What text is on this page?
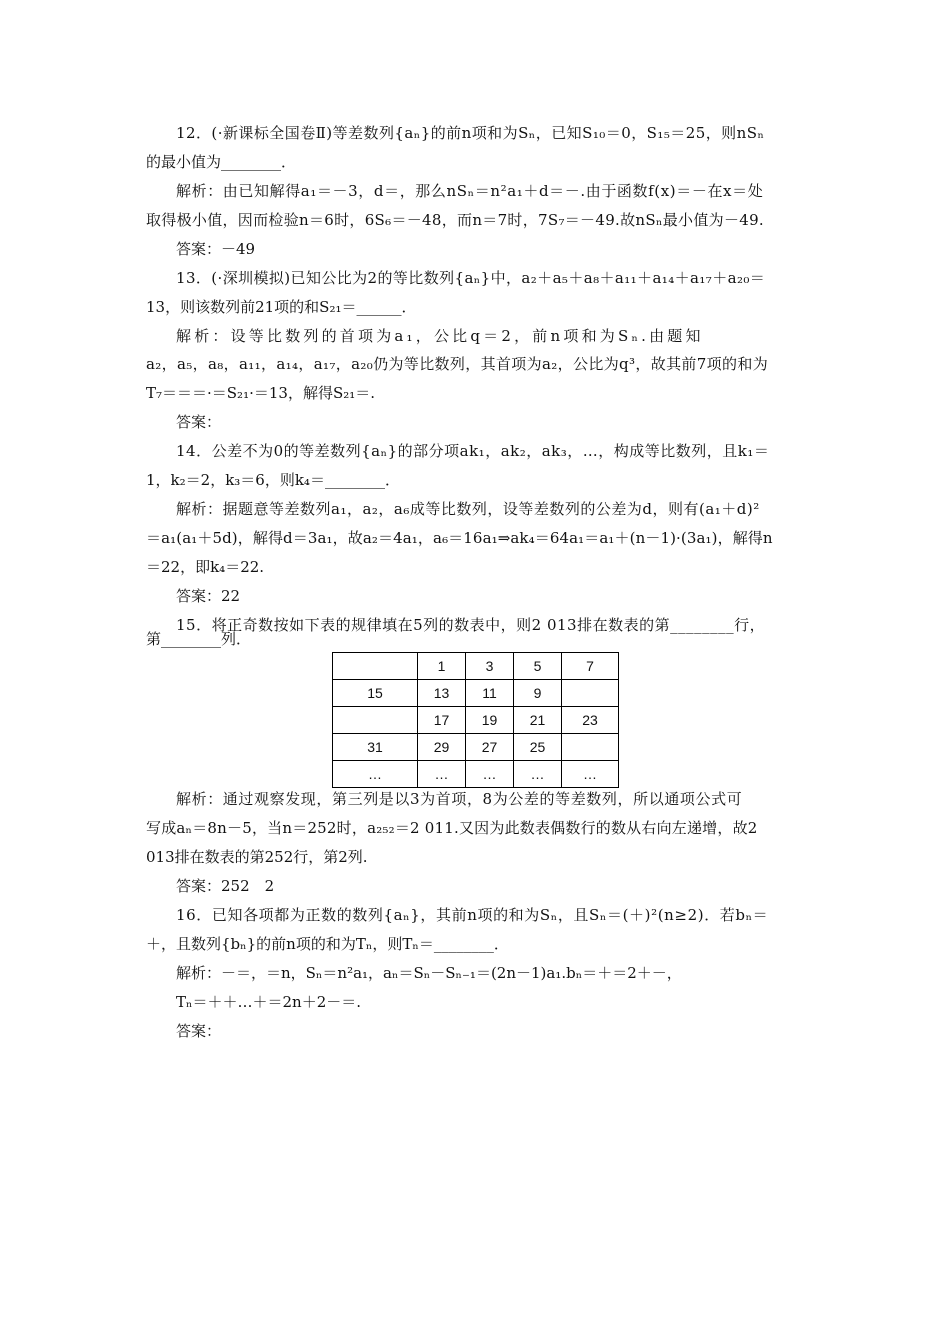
12．(·新课标全国卷Ⅱ)等差数列{aₙ}的前n项和为Sₙ，已知S₁₀＝0，S₁₅＝25，则nSₙ
的最小值为________．
解析：由已知解得a₁＝－3，d＝，那么nSₙ＝n²a₁＋d＝－.由于函数f(x)＝－在x＝处
取得极小值，因而检验n＝6时，6S₆＝－48，而n＝7时，7S₇＝－49.故nSₙ最小值为－49.
答案：－49
13．(·深圳模拟)已知公比为2的等比数列{aₙ}中，a₂＋a₅＋a₈＋a₁₁＋a₁₄＋a₁₇＋a₂₀＝
13，则该数列前21项的和S₂₁＝______．
解析：设等比数列的首项为a₁，公比q＝2，前n项和为Sₙ.由题知
a₂，a₅，a₈，a₁₁，a₁₄，a₁₇，a₂₀仍为等比数列，其首项为a₂，公比为q³，故其前7项的和为
T₇＝＝＝·＝S₂₁·＝13，解得S₂₁＝.
答案：
14．公差不为0的等差数列{aₙ}的部分项ak₁，ak₂，ak₃，…，构成等比数列，且k₁＝
1，k₂＝2，k₃＝6，则k₄＝________．
解析：据题意等差数列a₁，a₂，a₆成等比数列，设等差数列的公差为d，则有(a₁＋d)²
＝a₁(a₁＋5d)，解得d＝3a₁，故a₂＝4a₁，a₆＝16a₁⇒ak₄＝64a₁＝a₁＋(n－1)·(3a₁)，解得n
＝22，即k₄＝22.
答案：22
15．将正奇数按如下表的规律填在5列的数表中，则2 013排在数表的第________行，
第________列．
	1	3	5	7
15	13	11	9	
	17	19	21	23
31	29	27	25	
…	…	…	…	…
解析：通过观察发现，第三列是以3为首项，8为公差的等差数列，所以通项公式可
写成aₙ＝8n－5，当n＝252时，a₂₅₂＝2 011.又因为此数表偶数行的数从右向左递增，故2
013排在数表的第252行，第2列.
答案：252　2
16．已知各项都为正数的数列{aₙ}，其前n项的和为Sₙ，且Sₙ＝(＋)²(n≥2)．若bₙ＝
＋，且数列{bₙ}的前n项的和为Tₙ，则Tₙ＝________．
解析：－＝，＝n，Sₙ＝n²a₁，aₙ＝Sₙ－Sₙ₋₁＝(2n－1)a₁.bₙ＝＋＝2＋－，
Tₙ＝＋＋…＋＝2n＋2－＝.
答案：
